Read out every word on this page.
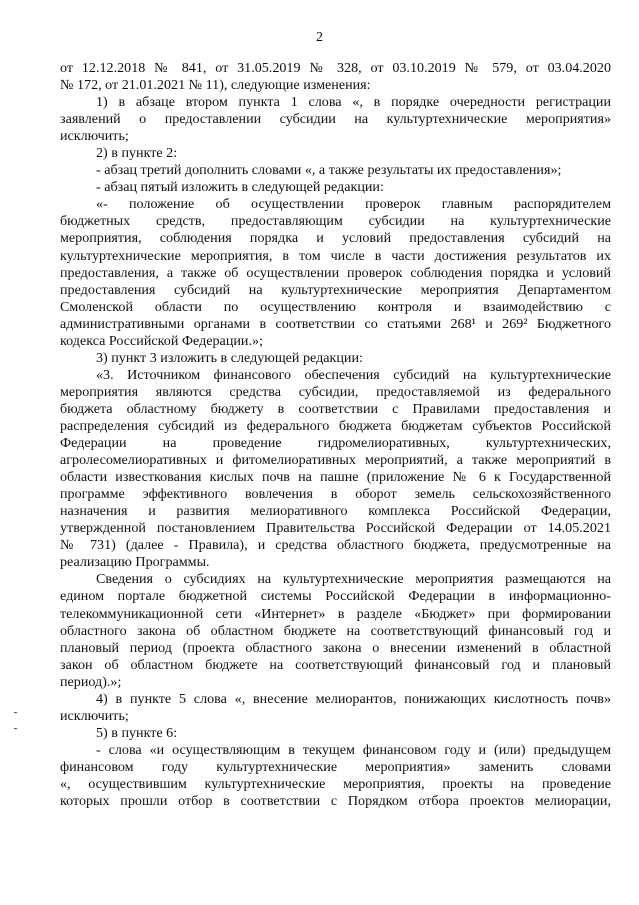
2
от 12.12.2018 № 841, от 31.05.2019 № 328, от 03.10.2019 № 579, от 03.04.2020
№ 172, от 21.01.2021 № 11), следующие изменения:
1) в абзаце втором пункта 1 слова «, в порядке очередности регистрации
заявлений о предоставлении субсидии на культуртехнические мероприятия»
исключить;
2) в пункте 2:
- абзац третий дополнить словами «, а также результаты их предоставления»;
- абзац пятый изложить в следующей редакции:
«- положение об осуществлении проверок главным распорядителем
бюджетных средств, предоставляющим субсидии на культуртехнические
мероприятия, соблюдения порядка и условий предоставления субсидий на
культуртехнические мероприятия, в том числе в части достижения результатов их
предоставления, а также об осуществлении проверок соблюдения порядка и условий
предоставления субсидий на культуртехнические мероприятия Департаментом
Смоленской области по осуществлению контроля и взаимодействию с
административными органами в соответствии со статьями 268¹ и 269² Бюджетного
кодекса Российской Федерации.»;
3) пункт 3 изложить в следующей редакции:
«3. Источником финансового обеспечения субсидий на культуртехнические
мероприятия являются средства субсидии, предоставляемой из федерального
бюджета областному бюджету в соответствии с Правилами предоставления и
распределения субсидий из федерального бюджета бюджетам субъектов Российской
Федерации на проведение гидромелиоративных, культуртехнических,
агролесомелиоративных и фитомелиоративных мероприятий, а также мероприятий в
области известкования кислых почв на пашне (приложение № 6 к Государственной
программе эффективного вовлечения в оборот земель сельскохозяйственного
назначения и развития мелиоративного комплекса Российской Федерации,
утвержденной постановлением Правительства Российской Федерации от 14.05.2021
№ 731) (далее - Правила), и средства областного бюджета, предусмотренные на
реализацию Программы.
Сведения о субсидиях на культуртехнические мероприятия размещаются на
едином портале бюджетной системы Российской Федерации в информационно-
телекоммуникационной сети «Интернет» в разделе «Бюджет» при формировании
областного закона об областном бюджете на соответствующий финансовый год и
плановый период (проекта областного закона о внесении изменений в областной
закон об областном бюджете на соответствующий финансовый год и плановый
период).»;
4) в пункте 5 слова «, внесение мелиорантов, понижающих кислотность почв»
исключить;
5) в пункте 6:
- слова «и осуществляющим в текущем финансовом году и (или) предыдущем
финансовом году культуртехнические мероприятия» заменить словами
«, осуществившим культуртехнические мероприятия, проекты на проведение
которых прошли отбор в соответствии с Порядком отбора проектов мелиорации,
